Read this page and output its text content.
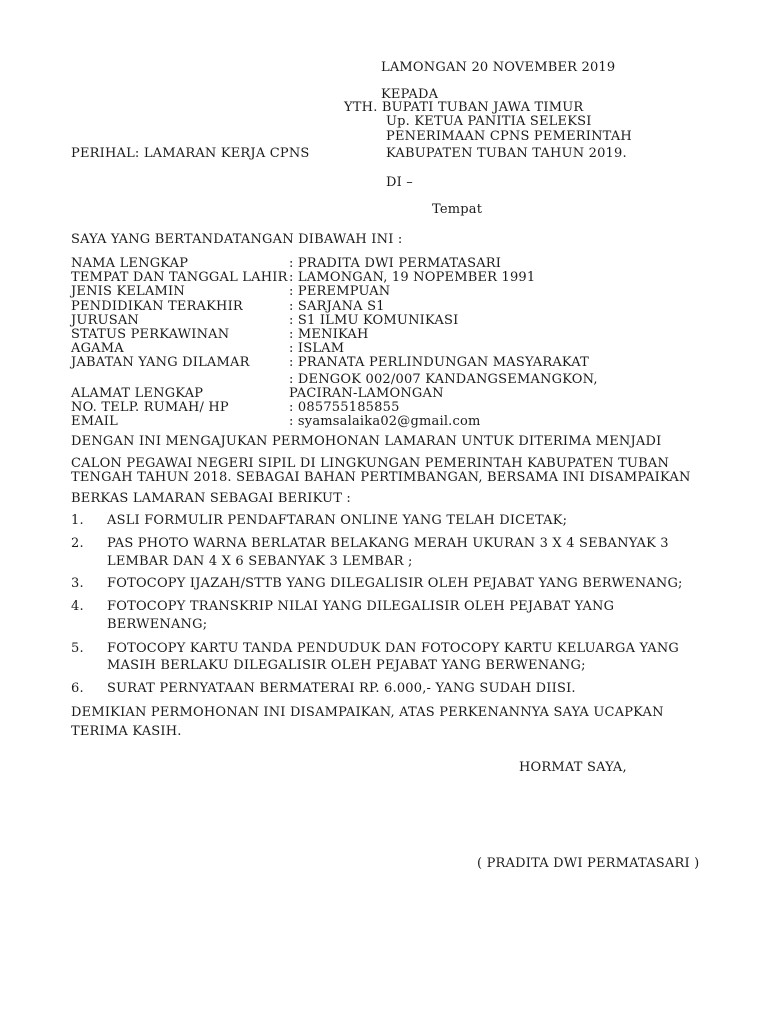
LAMONGAN 20 NOVEMBER 2019
KEPADA
YTH. BUPATI TUBAN JAWA TIMUR
Up. KETUA PANITIA SELEKSI
PENERIMAAN CPNS PEMERINTAH
KABUPATEN TUBAN TAHUN 2019.
PERIHAL: LAMARAN KERJA CPNS
DI –
Tempat
SAYA YANG BERTANDATANGAN DIBAWAH INI :
NAMA LENGKAP	: PRADITA DWI PERMATASARI
TEMPAT DAN TANGGAL LAHIR : LAMONGAN, 19 NOPEMBER 1991
JENIS KELAMIN	: PEREMPUAN
PENDIDIKAN TERAKHIR	: SARJANA S1
JURUSAN	: S1 ILMU KOMUNIKASI
STATUS PERKAWINAN	: MENIKAH
AGAMA	: ISLAM
JABATAN YANG DILAMAR	: PRANATA PERLINDUNGAN MASYARAKAT
: DENGOK 002/007 KANDANGSEMANGKON,
ALAMAT LENGKAP	PACIRAN-LAMONGAN
NO. TELP. RUMAH/ HP	: 085755185855
EMAIL	: syamsalaika02@gmail.com
DENGAN INI MENGAJUKAN PERMOHONAN LAMARAN UNTUK DITERIMA MENJADI
CALON PEGAWAI NEGERI SIPIL DI LINGKUNGAN PEMERINTAH KABUPATEN TUBAN
TENGAH TAHUN 2018. SEBAGAI BAHAN PERTIMBANGAN, BERSAMA INI DISAMPAIKAN
BERKAS LAMARAN SEBAGAI BERIKUT :
1. ASLI FORMULIR PENDAFTARAN ONLINE YANG TELAH DICETAK;
2. PAS PHOTO WARNA BERLATAR BELAKANG MERAH UKURAN 3 X 4 SEBANYAK 3
LEMBAR DAN 4 X 6 SEBANYAK 3 LEMBAR ;
3. FOTOCOPY IJAZAH/STTB YANG DILEGALISIR OLEH PEJABAT YANG BERWENANG;
4. FOTOCOPY TRANSKRIP NILAI YANG DILEGALISIR OLEH PEJABAT YANG
BERWENANG;
5. FOTOCOPY KARTU TANDA PENDUDUK DAN FOTOCOPY KARTU KELUARGA YANG
MASIH BERLAKU DILEGALISIR OLEH PEJABAT YANG BERWENANG;
6. SURAT PERNYATAAN BERMATERAI RP. 6.000,- YANG SUDAH DIISI.
DEMIKIAN PERMOHONAN INI DISAMPAIKAN, ATAS PERKENANNYA SAYA UCAPKAN
TERIMA KASIH.
HORMAT SAYA,
( PRADITA DWI PERMATASARI )
